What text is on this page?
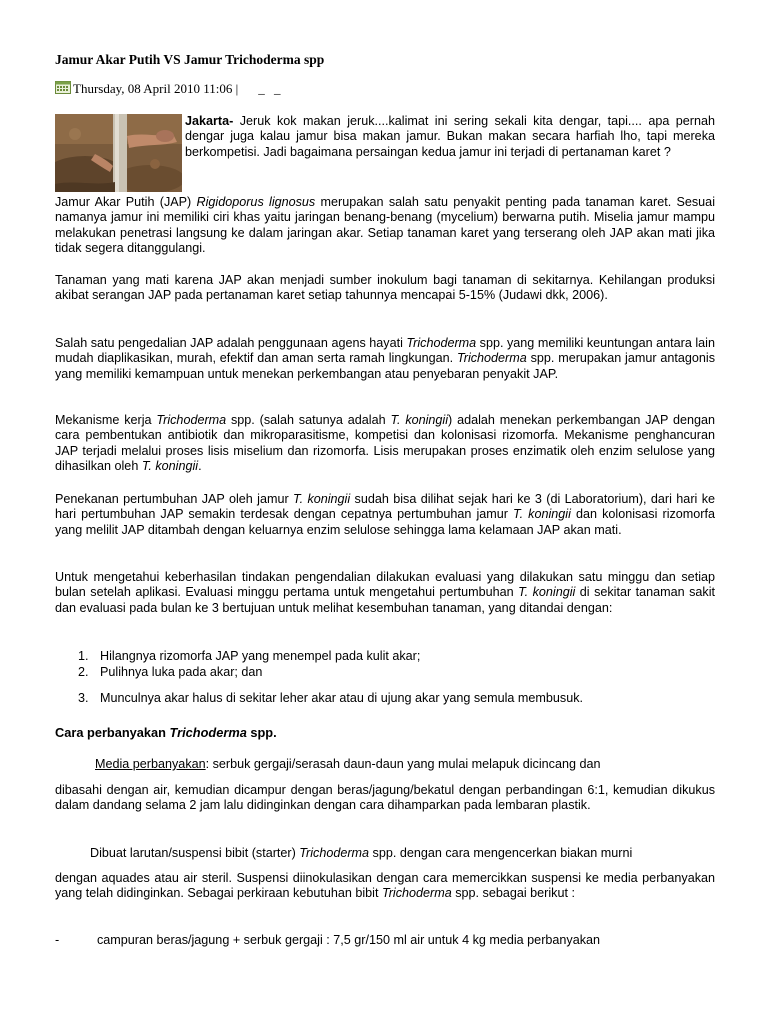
Jamur Akar Putih VS Jamur Trichoderma spp
Thursday, 08 April 2010 11:06 | _ _

Jakarta- Jeruk kok makan jeruk....kalimat ini sering sekali kita dengar, tapi.... apa pernah dengar juga kalau jamur bisa makan jamur. Bukan makan secara harfiah lho, tapi mereka berkompetisi. Jadi bagaimana persaingan kedua jamur ini terjadi di pertanaman karet ?

Jamur Akar Putih (JAP) Rigidoporus lignosus merupakan salah satu penyakit penting pada tanaman karet. Sesuai namanya jamur ini memiliki ciri khas yaitu jaringan benang-benang (mycelium) berwarna putih. Miselia jamur mampu melakukan penetrasi langsung ke dalam jaringan akar. Setiap tanaman karet yang terserang oleh JAP akan mati jika tidak segera ditanggulangi.

Tanaman yang mati karena JAP akan menjadi sumber inokulum bagi tanaman di sekitarnya. Kehilangan produksi akibat serangan JAP pada pertanaman karet setiap tahunnya mencapai 5-15% (Judawi dkk, 2006).

Salah satu pengedalian JAP adalah penggunaan agens hayati Trichoderma spp. yang memiliki keuntungan antara lain mudah diaplikasikan, murah, efektif dan aman serta ramah lingkungan. Trichoderma spp. merupakan jamur antagonis yang memiliki kemampuan untuk menekan perkembangan atau penyebaran penyakit JAP.

Mekanisme kerja Trichoderma spp. (salah satunya adalah T. koningii) adalah menekan perkembangan JAP dengan cara pembentukan antibiotik dan mikroparasitisme, kompetisi dan kolonisasi rizomorfa. Mekanisme penghancuran JAP terjadi melalui proses lisis miselium dan rizomorfa. Lisis merupakan proses enzimatik oleh enzim selulose yang dihasilkan oleh T. koningii.

Penekanan pertumbuhan JAP oleh jamur T. koningii sudah bisa dilihat sejak hari ke 3 (di Laboratorium), dari hari ke hari pertumbuhan JAP semakin terdesak dengan cepatnya pertumbuhan jamur T. koningii dan kolonisasi rizomorfa yang melilit JAP ditambah dengan keluarnya enzim selulose sehingga lama kelamaan JAP akan mati.

Untuk mengetahui keberhasilan tindakan pengendalian dilakukan evaluasi yang dilakukan satu minggu dan setiap bulan setelah aplikasi. Evaluasi minggu pertama untuk mengetahui pertumbuhan T. koningii di sekitar tanaman sakit dan evaluasi pada bulan ke 3 bertujuan untuk melihat kesembuhan tanaman, yang ditandai dengan:

1. Hilangnya rizomorfa JAP yang menempel pada kulit akar;
2. Pulihnya luka pada akar; dan
3. Munculnya akar halus di sekitar leher akar atau di ujung akar yang semula membusuk.

Cara perbanyakan Trichoderma spp.

Media perbanyakan: serbuk gergaji/serasah daun-daun yang mulai melapuk dicincang dan

dibasahi dengan air, kemudian dicampur dengan beras/jagung/bekatul dengan perbandingan 6:1, kemudian dikukus dalam dandang selama 2 jam lalu didinginkan dengan cara dihamparkan pada lembaran plastik.

Dibuat larutan/suspensi bibit (starter) Trichoderma spp. dengan cara mengencerkan biakan murni

dengan aquades atau air steril. Suspensi diinokulasikan dengan cara memercikkan suspensi ke media perbanyakan yang telah didinginkan. Sebagai perkiraan kebutuhan bibit Trichoderma spp. sebagai berikut :

-	campuran beras/jagung + serbuk gergaji : 7,5 gr/150 ml air untuk 4 kg media perbanyakan
